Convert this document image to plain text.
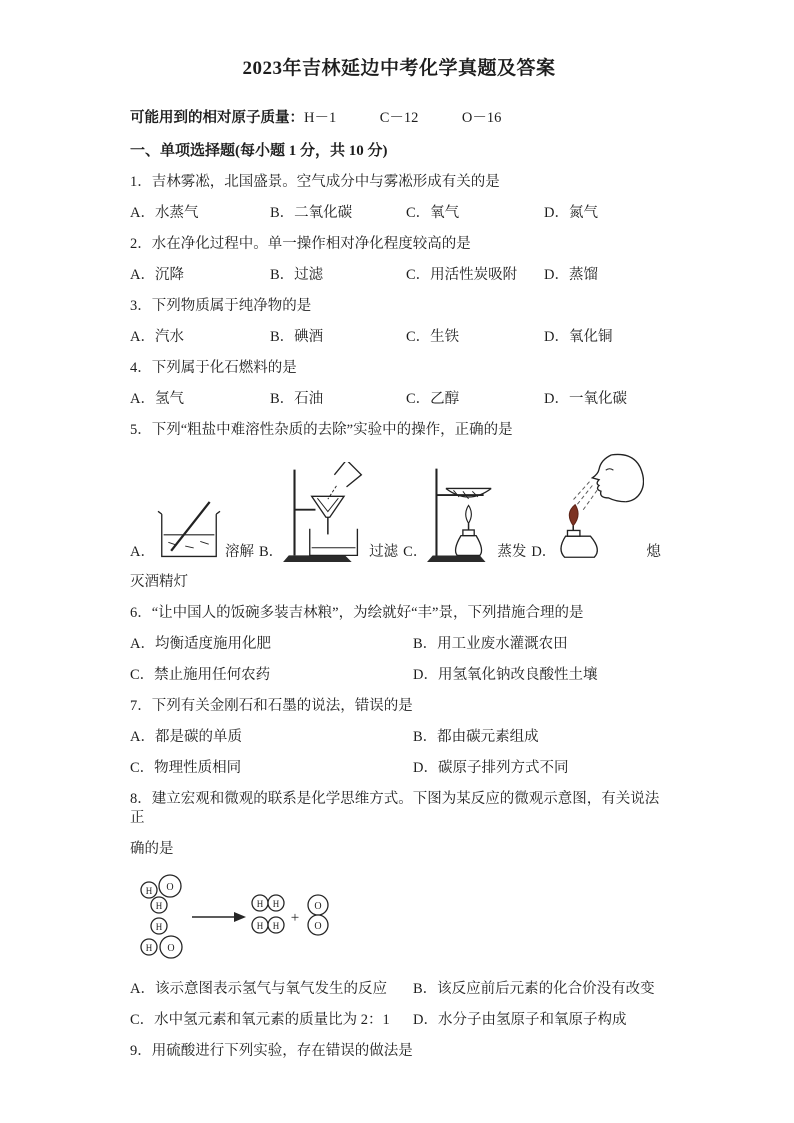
2023年吉林延边中考化学真题及答案

可能用到的相对原子质量：H－1　　　C－12　　　O－16

一、单项选择题(每小题 1 分，共 10 分)

1．吉林雾凇，北国盛景。空气成分中与雾凇形成有关的是

A．水蒸气	B．二氧化碳	C．氧气	D．氮气

2．水在净化过程中。单一操作相对净化程度较高的是

A．沉降	B．过滤	C．用活性炭吸附	D．蒸馏

3．下列物质属于纯净物的是

A．汽水	B．碘酒	C．生铁	D．氧化铜

4．下列属于化石燃料的是

A．氢气	B．石油	C．乙醇	D．一氧化碳

5．下列“粗盐中难溶性杂质的去除”实验中的操作，正确的是

A．	溶解 B．	过滤 C．	蒸发 D．	熄

灭酒精灯

6．“让中国人的饭碗多装吉林粮”，为绘就好“丰”景，下列措施合理的是

A．均衡适度施用化肥	B．用工业废水灌溉农田
C．禁止施用任何农药	D．用氢氧化钠改良酸性土壤

7．下列有关金刚石和石墨的说法，错误的是

A．都是碳的单质	B．都由碳元素组成
C．物理性质相同	D．碳原子排列方式不同

8．建立宏观和微观的联系是化学思维方式。下图为某反应的微观示意图，有关说法正

确的是

O
H
H
H
H O
H H
H H +
O
O
A．该示意图表示氢气与氧气发生的反应	B．该反应前后元素的化合价没有改变
C．水中氢元素和氧元素的质量比为 2：1	D．水分子由氢原子和氧原子构成

9．用硫酸进行下列实验，存在错误的做法是
